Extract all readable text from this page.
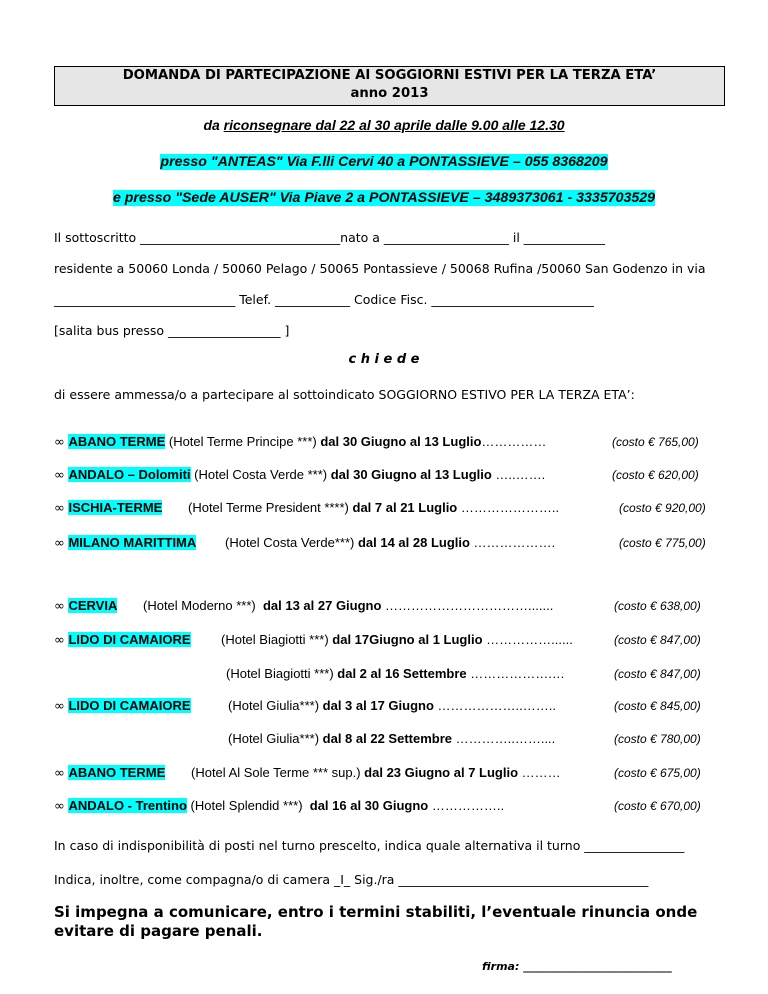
DOMANDA DI PARTECIPAZIONE AI SOGGIORNI ESTIVI PER LA TERZA ETA’
anno 2013
da riconsegnare dal 22 al 30 aprile dalle 9.00 alle 12.30
presso "ANTEAS" Via F.lli Cervi 40 a PONTASSIEVE – 055 8368209
e presso "Sede AUSER" Via Piave 2 a PONTASSIEVE – 3489373061 - 3335703529
Il sottoscritto ________________________________nato a ____________________ il _____________
residente a 50060 Londa / 50060 Pelago / 50065 Pontassieve / 50068 Rufina /50060 San Godenzo in via
_____________________________ Telef. ____________ Codice Fisc. __________________________
[salita bus presso __________________ ]
c h i e d e
di essere ammessa/o a partecipare al sottoindicato SOGGIORNO ESTIVO PER LA TERZA ETA’:
∞ ABANO TERME (Hotel Terme Principe ***) dal 30 Giugno al 13 Luglio……………	(costo € 765,00)
∞ ANDALO – Dolomiti (Hotel Costa Verde ***) dal 30 Giugno al 13 Luglio …..…….	(costo € 620,00)
∞ ISCHIA-TERME (Hotel Terme President ****) dal 7 al 21 Luglio …………………..	(costo € 920,00)
∞ MILANO MARITTIMA (Hotel Costa Verde***) dal 14 al 28 Luglio ……………….	(costo € 775,00)
∞ CERVIA (Hotel Moderno ***)  dal 13 al 27 Giugno …………………………….......	(costo € 638,00)
∞ LIDO DI CAMAIORE (Hotel Biagiotti ***) dal 17Giugno al 1 Luglio ……………......	(costo € 847,00)
(Hotel Biagiotti ***) dal 2 al 16 Settembre ……………….…	(costo € 847,00)
∞ LIDO DI CAMAIORE	(Hotel Giulia***) dal 3 al 17 Giugno ………………..……..	(costo € 845,00)
(Hotel Giulia***) dal 8 al 22 Settembre …………..……....	(costo € 780,00)
∞ ABANO TERME (Hotel Al Sole Terme *** sup.) dal 23 Giugno al 7 Luglio ………	(costo € 675,00)
∞ ANDALO - Trentino (Hotel Splendid ***)  dal 16 al 30 Giugno ……………..	(costo € 670,00)
In caso di indisponibilità di posti nel turno prescelto, indica quale alternativa il turno ________________
Indica, inoltre, come compagna/o di camera _I_ Sig./ra ________________________________________
Si impegna a comunicare, entro i termini stabiliti, l’eventuale rinuncia onde evitare di pagare penali.
firma: ___________________________
